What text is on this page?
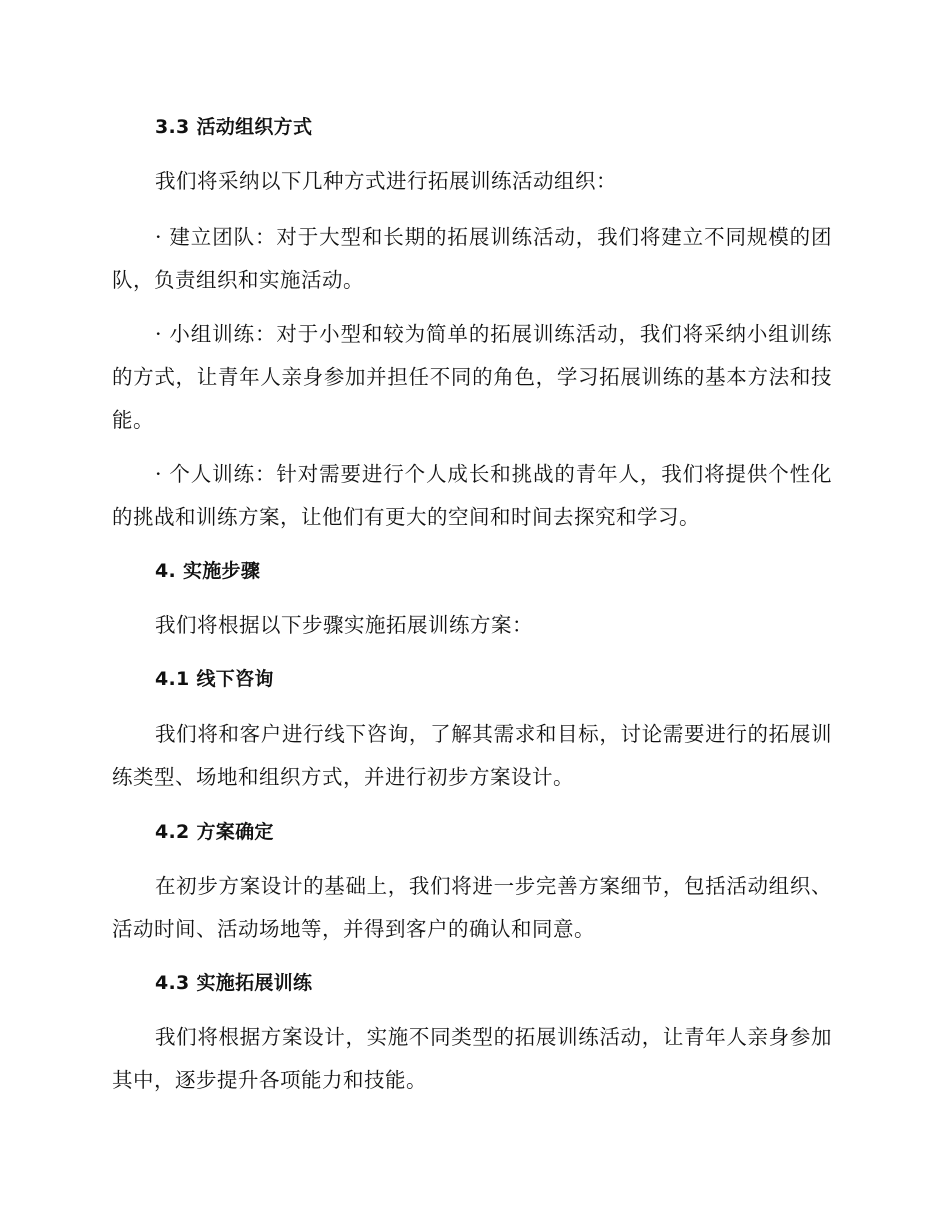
3.3 活动组织方式

我们将采纳以下几种方式进行拓展训练活动组织：

· 建立团队：对于大型和长期的拓展训练活动，我们将建立不同规模的团队，负责组织和实施活动。

· 小组训练：对于小型和较为简单的拓展训练活动，我们将采纳小组训练的方式，让青年人亲身参加并担任不同的角色，学习拓展训练的基本方法和技能。

· 个人训练：针对需要进行个人成长和挑战的青年人，我们将提供个性化的挑战和训练方案，让他们有更大的空间和时间去探究和学习。

4. 实施步骤

我们将根据以下步骤实施拓展训练方案：

4.1 线下咨询

我们将和客户进行线下咨询，了解其需求和目标，讨论需要进行的拓展训练类型、场地和组织方式，并进行初步方案设计。

4.2 方案确定

在初步方案设计的基础上，我们将进一步完善方案细节，包括活动组织、活动时间、活动场地等，并得到客户的确认和同意。

4.3 实施拓展训练

我们将根据方案设计，实施不同类型的拓展训练活动，让青年人亲身参加其中，逐步提升各项能力和技能。
